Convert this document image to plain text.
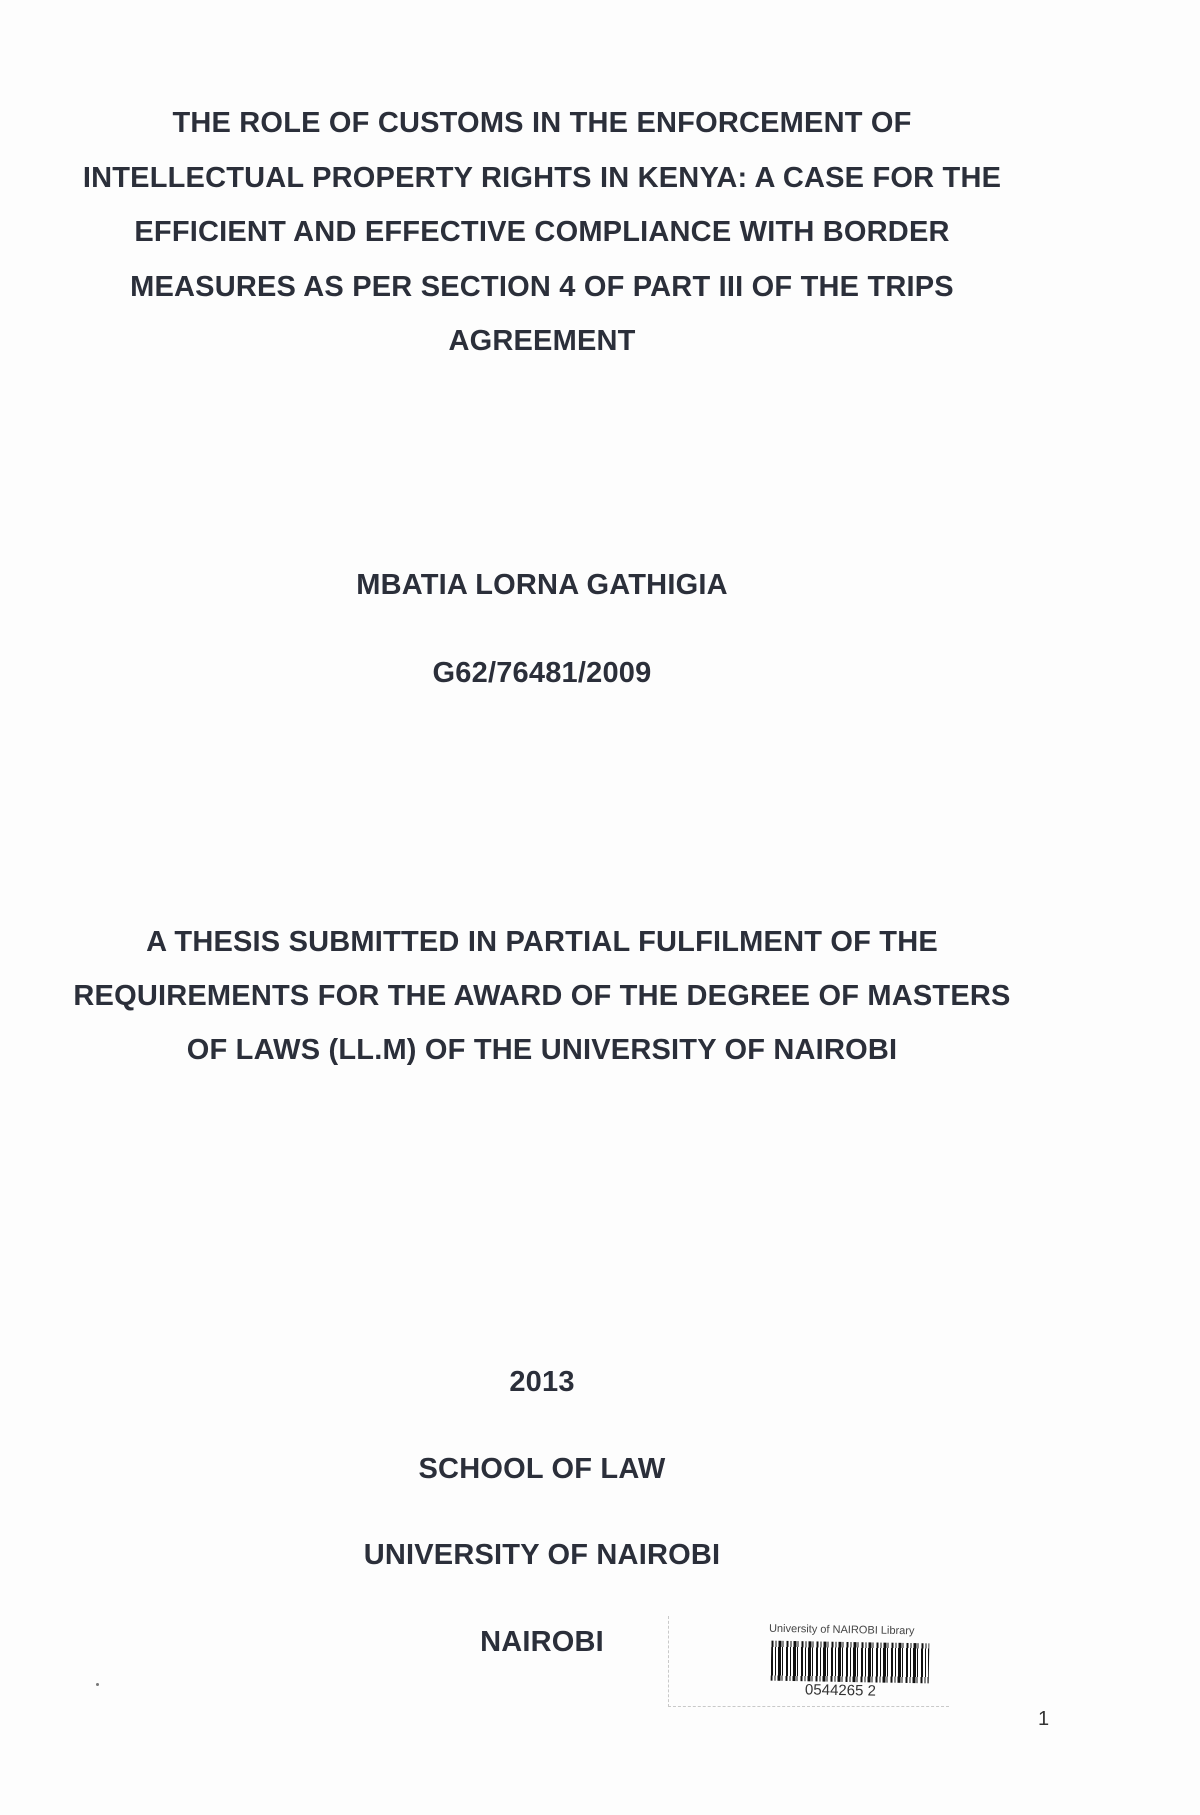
THE ROLE OF CUSTOMS IN THE ENFORCEMENT OF
INTELLECTUAL PROPERTY RIGHTS IN KENYA: A CASE FOR THE
EFFICIENT AND EFFECTIVE COMPLIANCE WITH BORDER
MEASURES AS PER SECTION 4 OF PART III OF THE TRIPS
AGREEMENT
MBATIA LORNA GATHIGIA
G62/76481/2009
A THESIS SUBMITTED IN PARTIAL FULFILMENT OF THE
REQUIREMENTS FOR THE AWARD OF THE DEGREE OF MASTERS
OF LAWS (LL.M) OF THE UNIVERSITY OF NAIROBI
2013
SCHOOL OF LAW
UNIVERSITY OF NAIROBI
NAIROBI	University of NAIROBI Library
0544265 2
1
